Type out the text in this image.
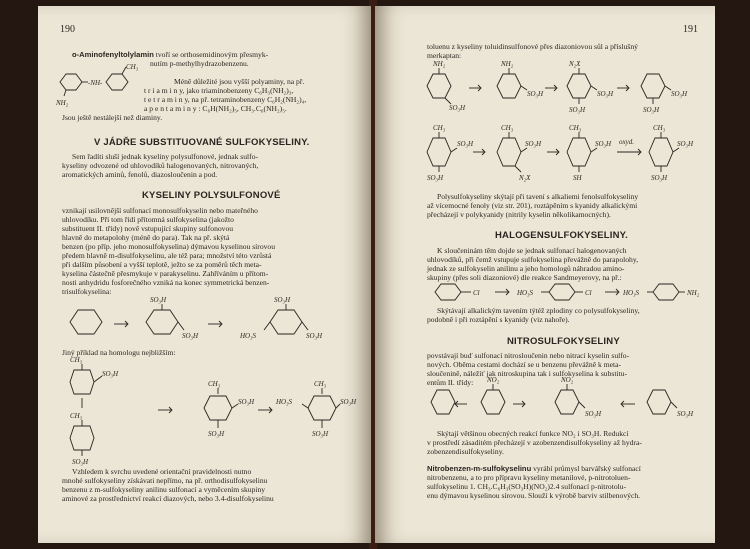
190
o-Aminofenyltolylamin tvoří se orthosemidinovým přesmyk-
nutím p-methylhydrazobenzenu.
-NH-
CH₃
NH₂
Méně důležité jsou vyšší polyaminy, na př.
t r i a m i n y, jako triaminobenzeny C₆H₃(NH₂)₃,
t e t r a m i n y, na př. tetraminobenzeny C₆H₂(NH₂)₄,
a p e n t a m i n y : C₆H(NH₂)₅, CH₃.C₆(NH₂)₅.
Jsou ještě nestálejší než diaminy.
V JÁDŘE SUBSTITUOVANÉ SULFOKYSELINY.
Sem řadíti sluší jednak kyseliny polysulfonové, jednak sulfo-
kyseliny odvozené od uhlovodíků halogenovaných, nitrovaných,
aromatických aminů, fenolů, diazosloučenin a pod.
KYSELINY POLYSULFONOVÉ
vznikají usilovnější sulfonací monosulfokyselin nebo mateřného
uhlovodíku. Při tom řídí přítomná sulfokyselina (jakožto
substituent II. třídy) nově vstupující skupiny sulfonovou
hlavně do metapolohy (méně do para). Tak na př. skýtá
benzen (po příp. jeho monosulfokyselina) dýmavou kyselinou sírovou
předem hlavně m-disulfokyselinu, ale též para; množství této vzrůstá
při dalším působení a vyšší teplotě, ježto se za poměrů těch meta-
kyselina částečně přesmykuje v parakyselinu. Zahříváním u přítom-
nosti anhydridu fosforečného vzniká na konec symmetrická benzen-
trisulfokyselina:
SO₃H
SO₃H
SO₃H
SO₃H
HO₃S
Jiný příklad na homologu nejbližším:
CH₃
SO₃H
CH₃
SO₃H
CH₃
SO₃H
SO₃H
CH₃
SO₃H
HO₃S
SO₃H
Vzhledem k svrchu uvedené orientační pravidelnosti nutno
mnohé sulfokyseliny získávati nepřímo, na př. orthodisulfokyselinu
benzenu z m-sulfokyseliny anilinu sulfonací a vyměcením skupiny
aminové za prostřednictví reakcí diazových, nebo 3.4-disulfokyselinu
191
toluenu z kyseliny toluidinsulfonové přes diazoniovou sůl a příslušný
merkaptan:
NH₂
SO₃H
NH₂
SO₃H
N₂X
SO₃H
SO₃H
SO₃H
SO₃H
CH₃
SO₃H
SO₃H
CH₃
N₂X
SO₃H
CH₃
SH
SO₃H oxyd.
CH₃
SO₃H
SO₃H
Polysulfokyseliny skýtají při tavení s alkaliemi fenolsulfokyseliny
až vícemocné fenoly (viz str. 201), roztápěním s kyanidy alkalickými
přecházejí v polykyanidy (nitrily kyselin několikamocných).
HALOGENSULFOKYSELINY.
K sloučeninám těm dojde se jednak sulfonací halogenovaných
uhlovodíků, při čemž vstupuje sulfokyselina převážně do parapolohy,
jednak ze sulfokyselin anilinu a jeho homologů náhradou amino-
skupiny (přes soli diazoniové) dle reakce Sandmeyerovy, na př.:
Cl	HO₃S	Cl	HO₃S	NH₂
Skýtávají alkalickým tavením týtéž zplodiny co polysulfokyseliny,
podobně i při roztápění s kyanidy (viz nahoře).
NITROSULFOKYSELINY
povstávají buď sulfonací nitrosloučenin nebo nitrací kyselin sulfo-
nových. Oběma cestami dochází se u benzenu převážně k meta-
sloučenině, náležíť jak nitroskupina tak i sulfokyselina k substitu-
entům II. třídy: NO₂	NO₂
SO₃H	SO₃H
Skýtají většinou obecných reakcí funkce NO₂ i SO₃H. Redukcí
v prostředí zásaditém přecházejí v azobenzendisulfokyseliny až hydra-
zobenzendisulfokyseliny.
Nitrobenzen-m-sulfokyselinu vyrábí průmysl barvářský sulfonací
nitrobenzenu, a to pro přípravu kyseliny metanilové, p-nitrotoluen-
sulfokyselinu 1. CH₃.C₆H₃(SO₃H)(NO₂)2.4 sulfonací p-nitrotolu-
enu dýmavou kyselinou sírovou. Slouží k výrobě barviv stilbenových.
